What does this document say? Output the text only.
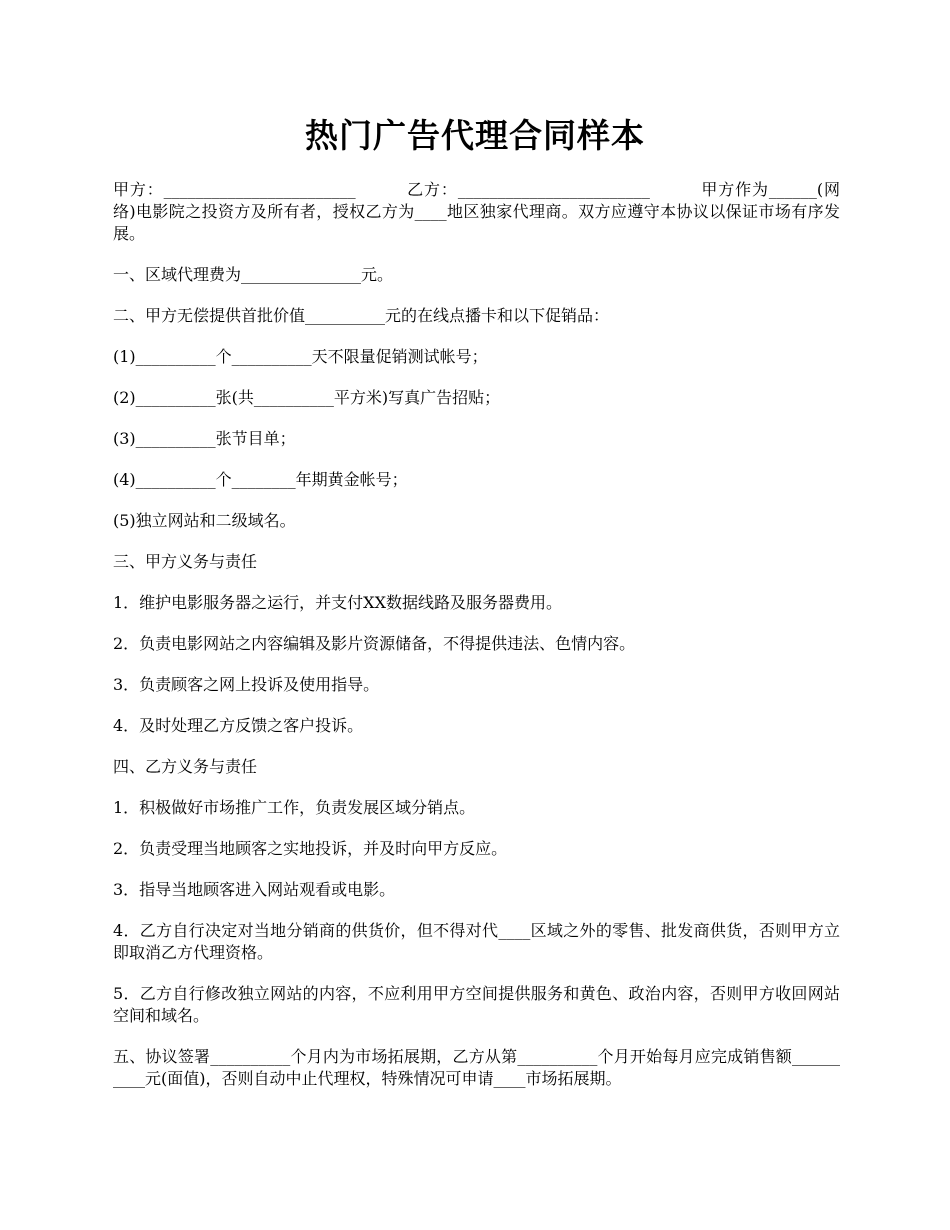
热门广告代理合同样本

甲方：________________________　　　乙方：________________________　　　甲方作为______(网络)电影院之投资方及所有者，授权乙方为____地区独家代理商。双方应遵守本协议以保证市场有序发展。

一、区域代理费为_______________元。

二、甲方无偿提供首批价值__________元的在线点播卡和以下促销品：

(1)__________个__________天不限量促销测试帐号；

(2)__________张(共__________平方米)写真广告招贴；

(3)__________张节目单；

(4)__________个________年期黄金帐号；

(5)独立网站和二级域名。

三、甲方义务与责任

1．维护电影服务器之运行，并支付XX数据线路及服务器费用。

2．负责电影网站之内容编辑及影片资源储备，不得提供违法、色情内容。

3．负责顾客之网上投诉及使用指导。

4．及时处理乙方反馈之客户投诉。

四、乙方义务与责任

1．积极做好市场推广工作，负责发展区域分销点。

2．负责受理当地顾客之实地投诉，并及时向甲方反应。

3．指导当地顾客进入网站观看或电影。

4．乙方自行决定对当地分销商的供货价，但不得对代____区域之外的零售、批发商供货，否则甲方立即取消乙方代理资格。

5．乙方自行修改独立网站的内容，不应利用甲方空间提供服务和黄色、政治内容，否则甲方收回网站空间和域名。

五、协议签署__________个月内为市场拓展期，乙方从第__________个月开始每月应完成销售额__________元(面值)，否则自动中止代理权，特殊情况可申请____市场拓展期。
